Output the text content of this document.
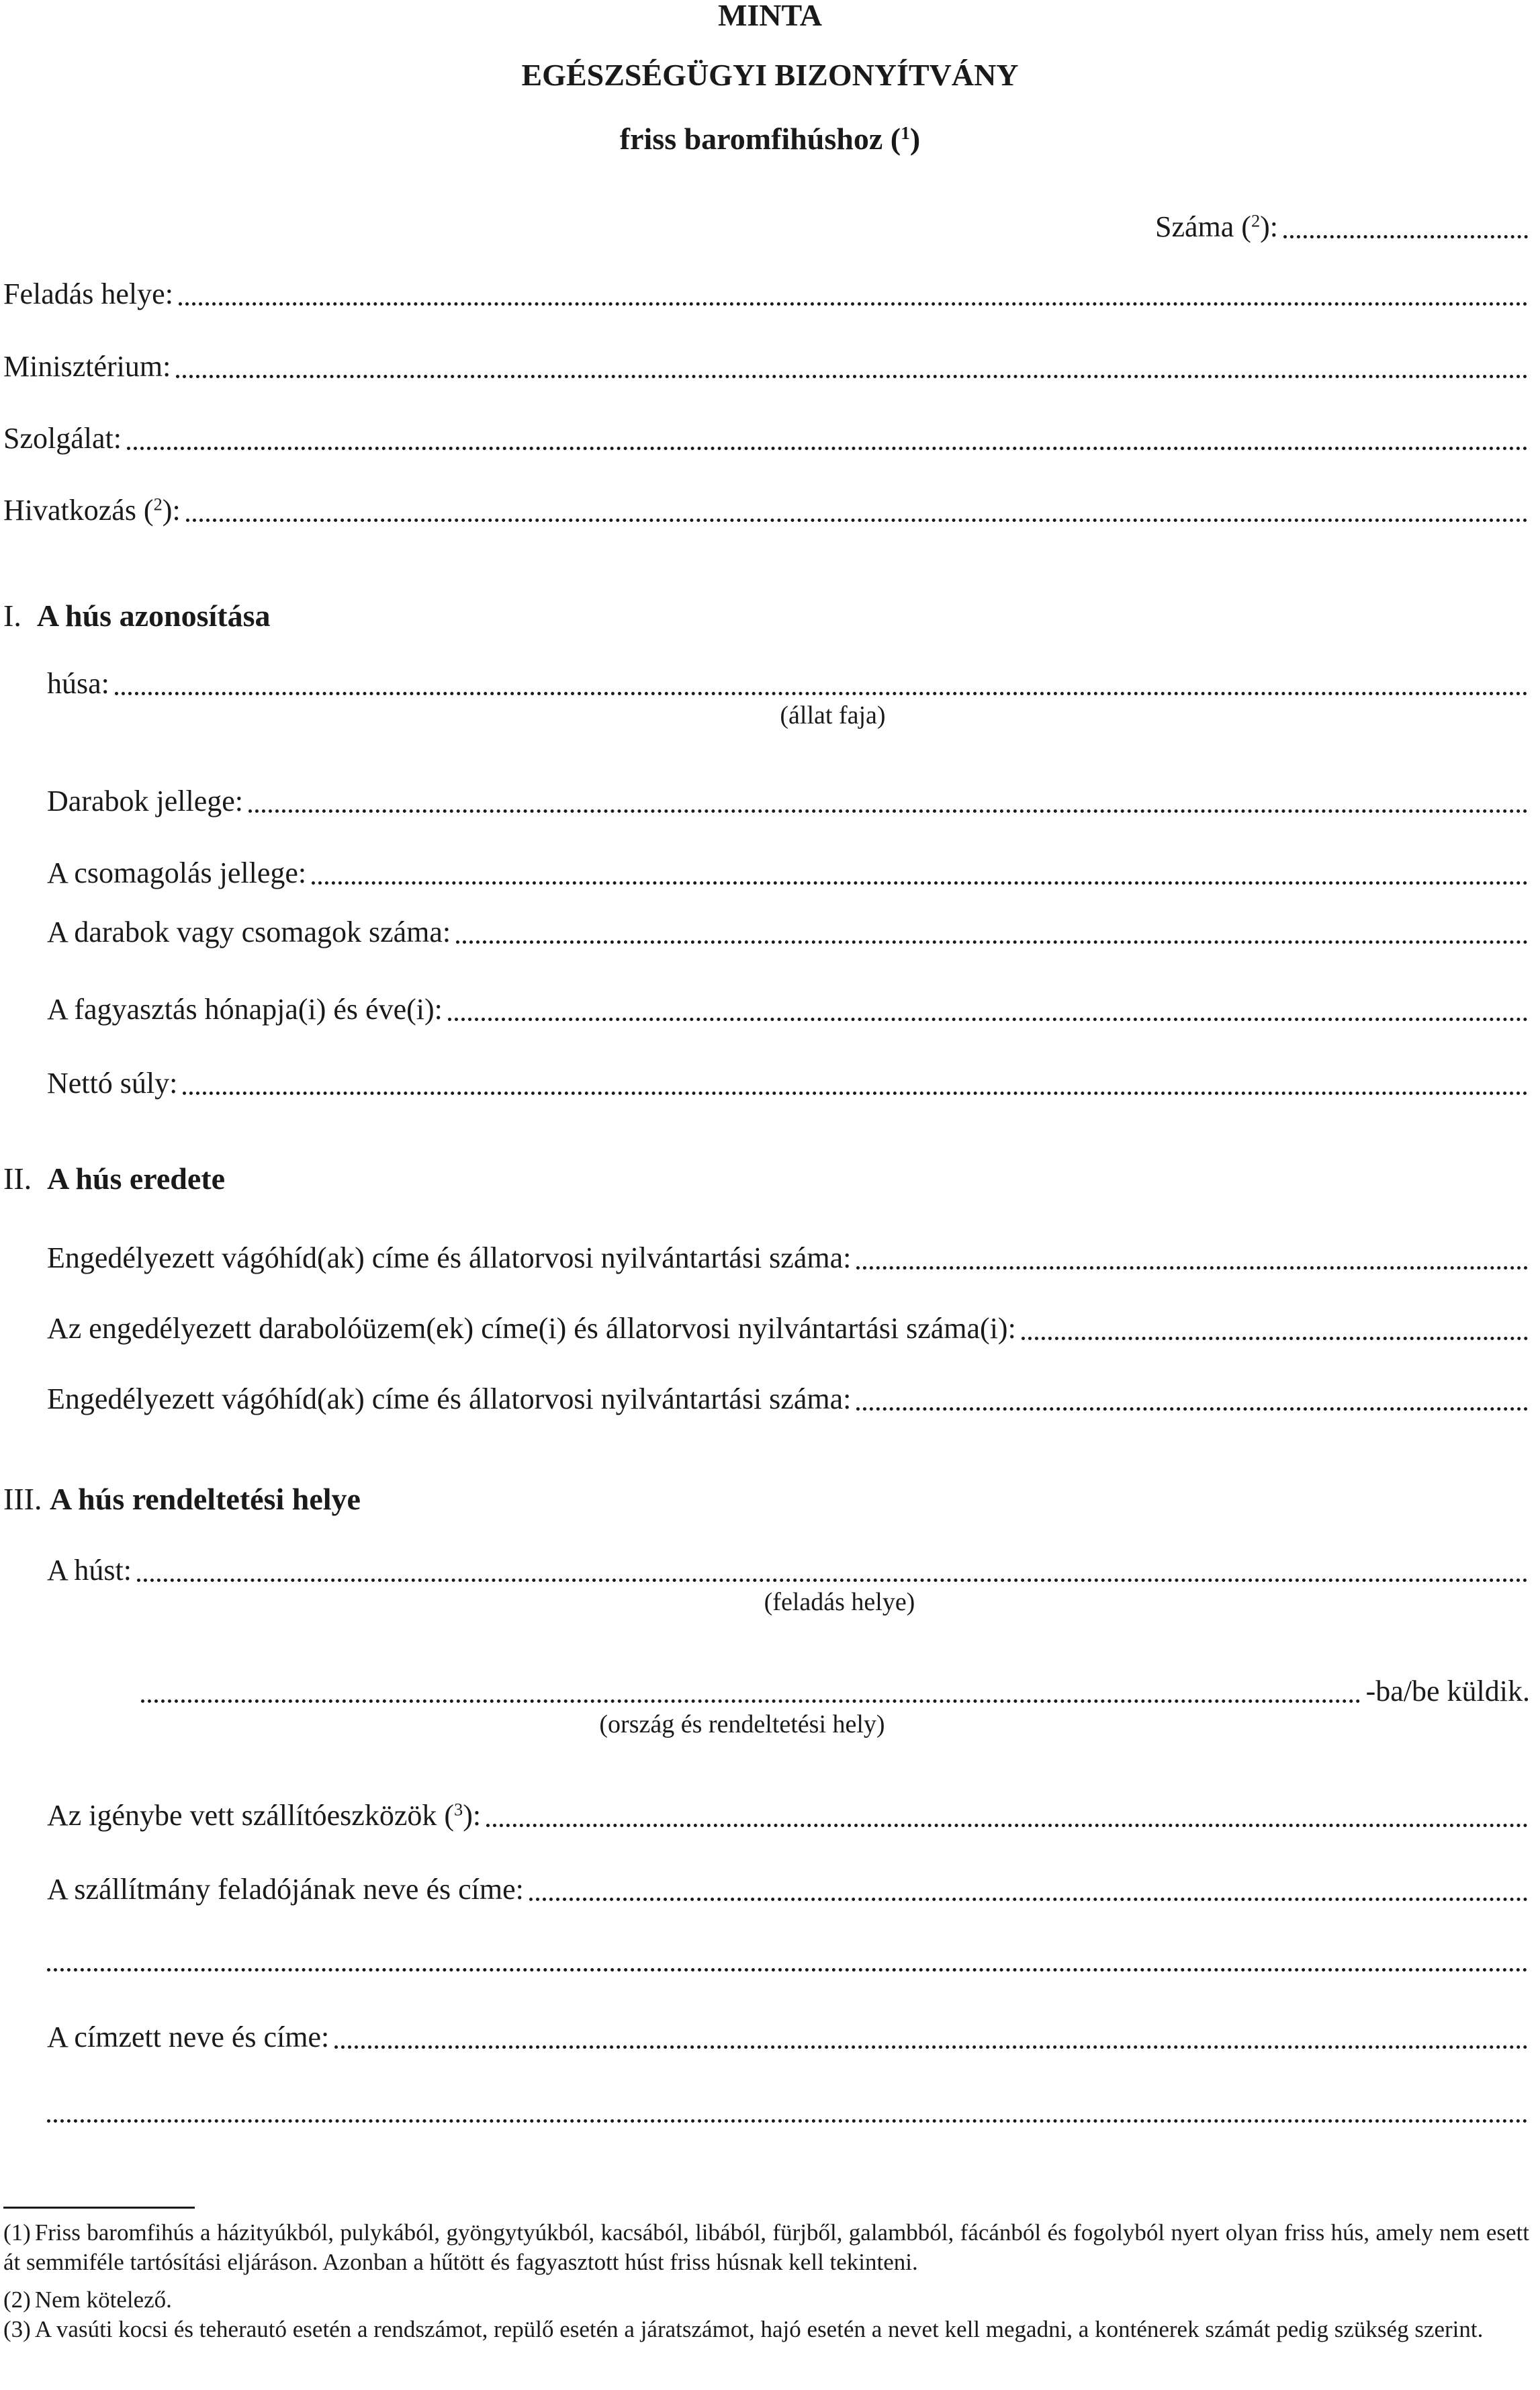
MINTA
EGÉSZSÉGÜGYI BIZONYÍTVÁNY
friss baromfihúshoz ($^1$)
Száma ($^2$):
Feladás helye:
Minisztérium:
Szolgálat:
Hivatkozás ($^2$):
I. A hús azonosítása
húsa:
(állat faja)
Darabok jellege:
A csomagolás jellege:
A darabok vagy csomagok száma:
A fagyasztás hónapja(i) és éve(i):
Nettó súly:
II. A hús eredete
Engedélyezett vágóhíd(ak) címe és állatorvosi nyilvántartási száma:
Az engedélyezett darabolóüzem(ek) címe(i) és állatorvosi nyilvántartási száma(i):
Engedélyezett vágóhíd(ak) címe és állatorvosi nyilvántartási száma:
III. A hús rendeltetési helye
A húst:
(feladás helye)
-ba/be küldik.
(ország és rendeltetési hely)
Az igénybe vett szállítóeszközök ($^3$):
A szállítmány feladójának neve és címe:
A címzett neve és címe:
(1) Friss baromfihús a házityúkból, pulykából, gyöngytyúkból, kacsából, libából, fürjből, galambból, fácánból és fogolyból nyert olyan friss hús, amely nem esett át semmiféle tartósítási eljáráson. Azonban a hűtött és fagyasztott húst friss húsnak kell tekinteni.
(2) Nem kötelező.
(3) A vasúti kocsi és teherautó esetén a rendszámot, repülő esetén a járatszámot, hajó esetén a nevet kell megadni, a konténerek számát pedig szükség szerint.
